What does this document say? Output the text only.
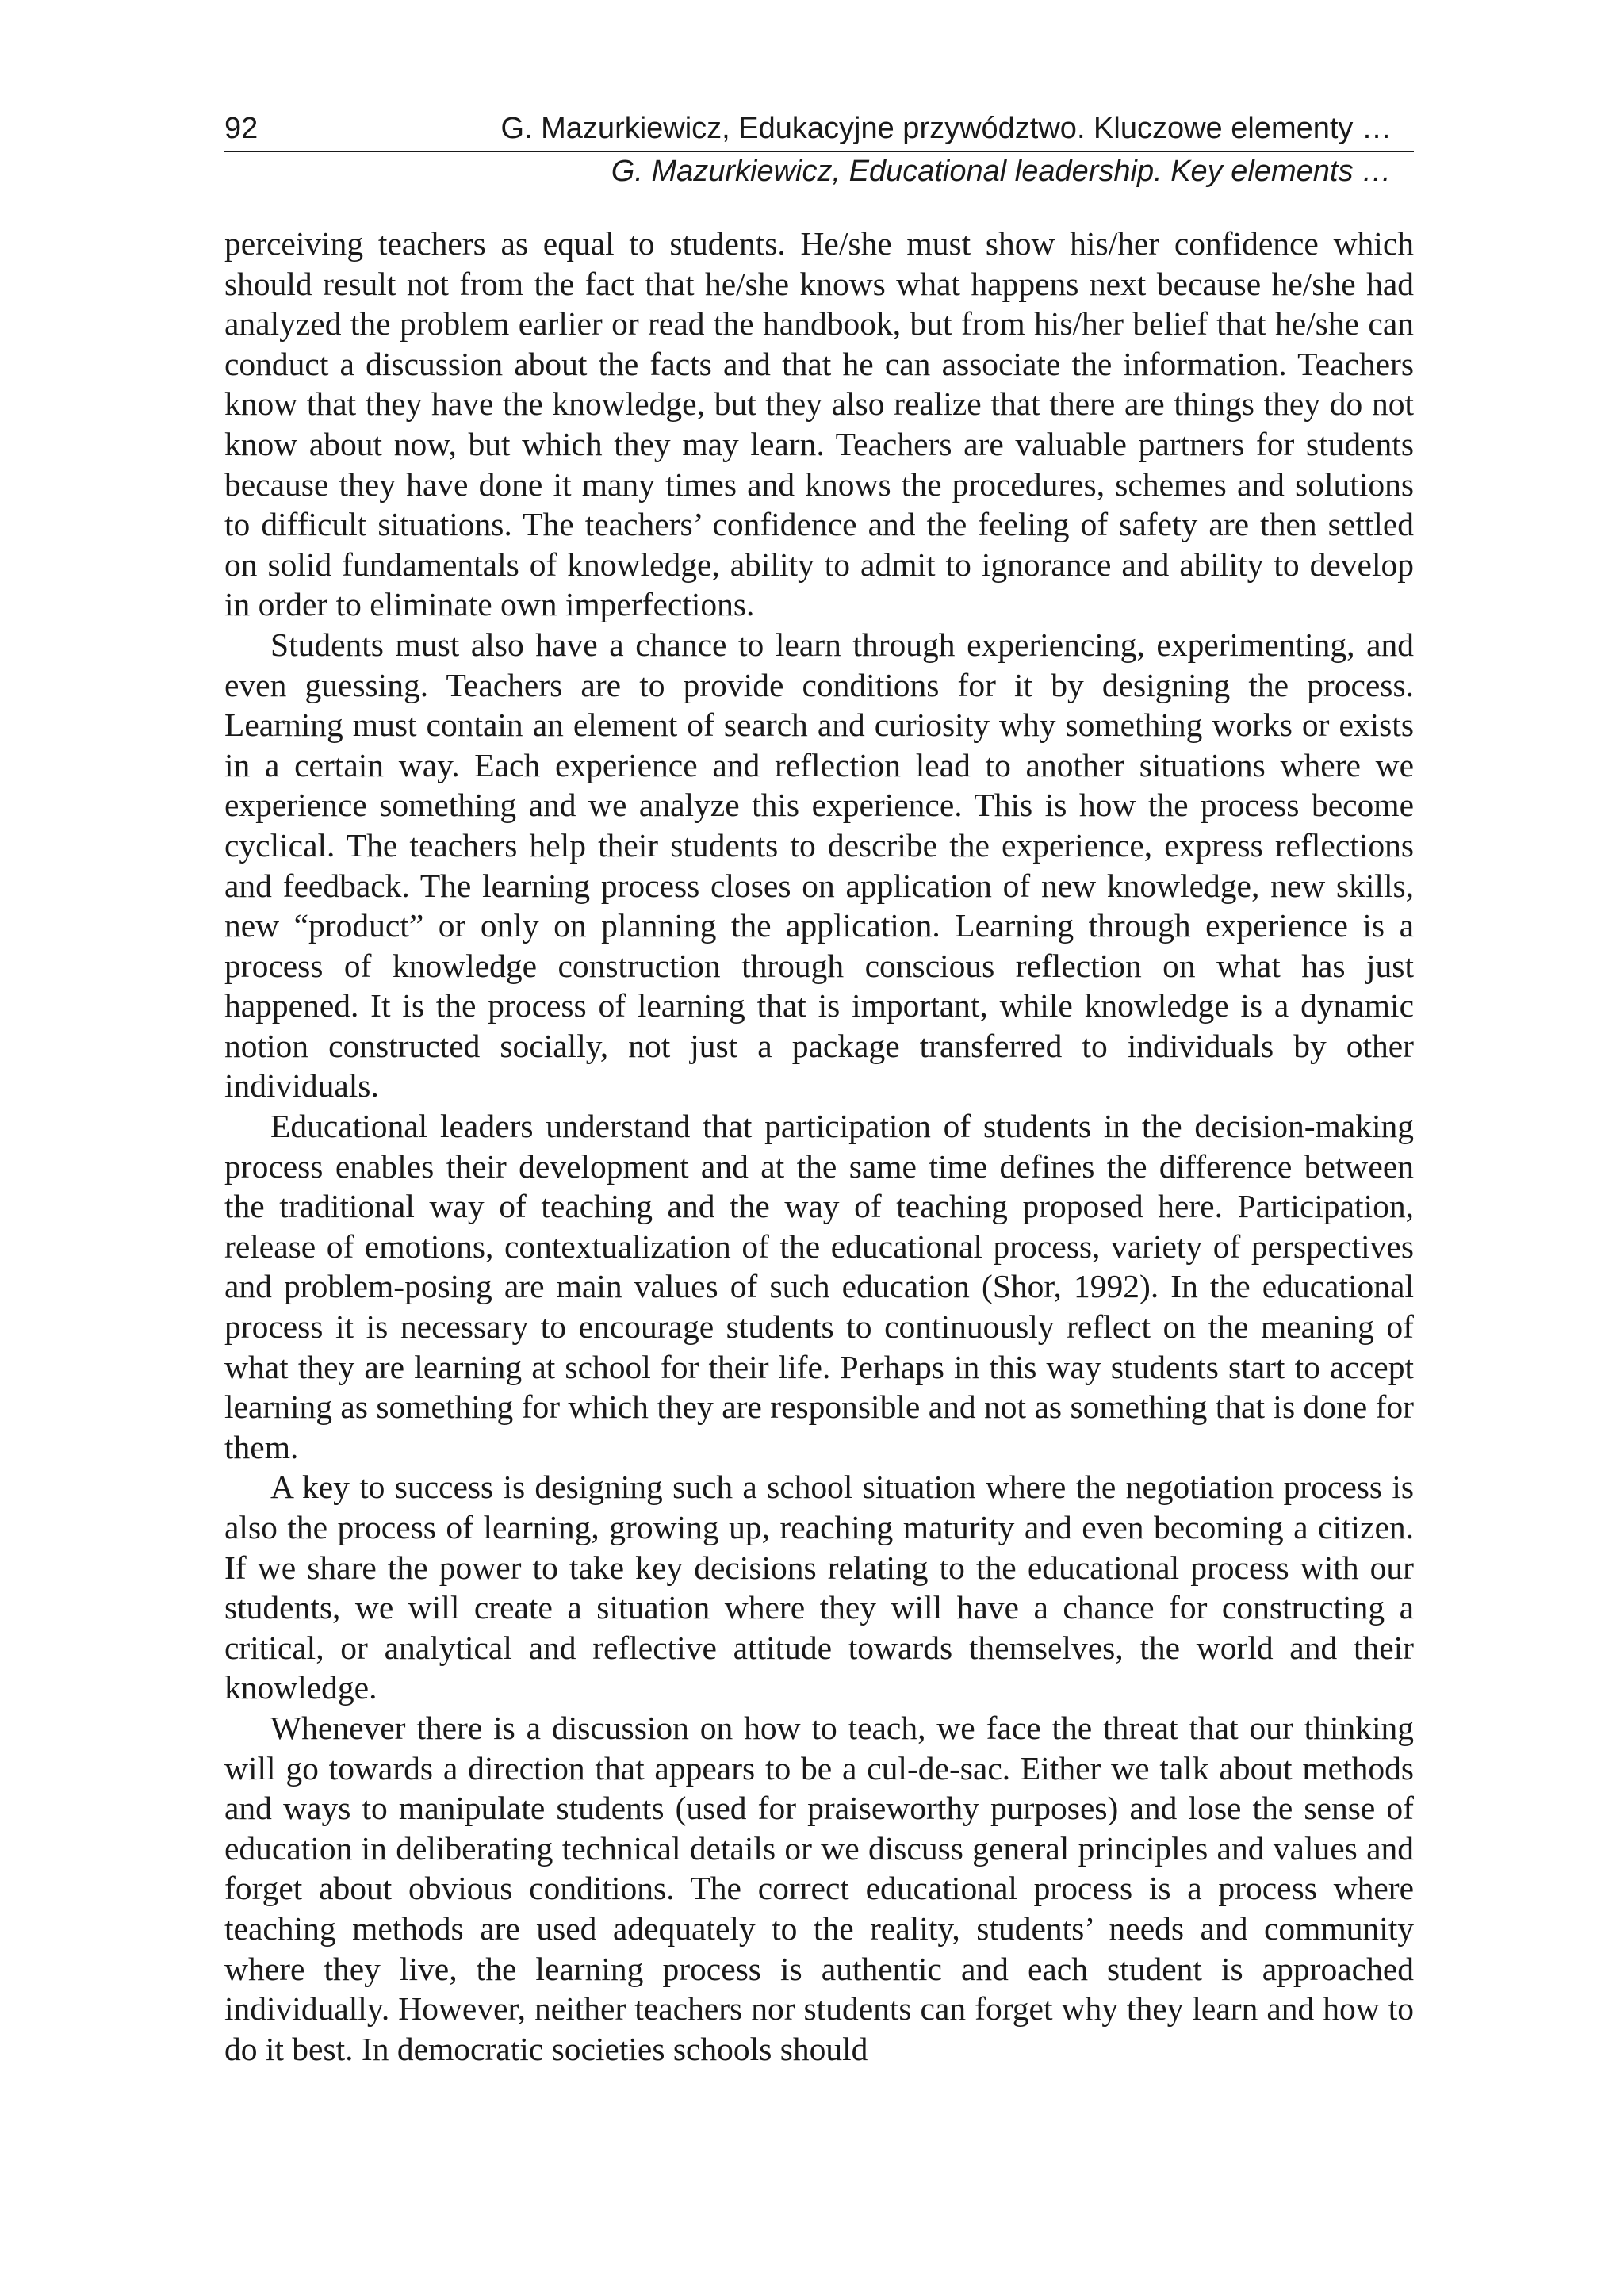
92	G. Mazurkiewicz, Edukacyjne przywództwo. Kluczowe elementy …
G. Mazurkiewicz, Educational leadership. Key elements …

perceiving teachers as equal to students. He/she must show his/her confidence which should result not from the fact that he/she knows what happens next because he/she had analyzed the problem earlier or read the handbook, but from his/her belief that he/she can conduct a discussion about the facts and that he can associate the information. Teachers know that they have the knowledge, but they also realize that there are things they do not know about now, but which they may learn. Teachers are valuable partners for students because they have done it many times and knows the procedures, schemes and solutions to difficult situations. The teachers’ confidence and the feeling of safety are then settled on solid fundamentals of knowledge, ability to admit to ignorance and ability to develop in order to eliminate own imperfections.

Students must also have a chance to learn through experiencing, experimenting, and even guessing. Teachers are to provide conditions for it by designing the process. Learning must contain an element of search and curiosity why something works or exists in a certain way. Each experience and reflection lead to another situations where we experience something and we analyze this experience. This is how the process become cyclical. The teachers help their students to describe the experience, express reflections and feedback. The learning process closes on application of new knowledge, new skills, new “product” or only on planning the application. Learning through experience is a process of knowledge construction through conscious reflection on what has just happened. It is the process of learning that is important, while knowledge is a dynamic notion constructed socially, not just a package transferred to individuals by other individuals.

Educational leaders understand that participation of students in the decision-making process enables their development and at the same time defines the difference between the traditional way of teaching and the way of teaching proposed here. Participation, release of emotions, contextualization of the educational process, variety of perspectives and problem-posing are main values of such education (Shor, 1992). In the educational process it is necessary to encourage students to continuously reflect on the meaning of what they are learning at school for their life. Perhaps in this way students start to accept learning as something for which they are responsible and not as something that is done for them.

A key to success is designing such a school situation where the negotiation process is also the process of learning, growing up, reaching maturity and even becoming a citizen. If we share the power to take key decisions relating to the educational process with our students, we will create a situation where they will have a chance for constructing a critical, or analytical and reflective attitude towards themselves, the world and their knowledge.

Whenever there is a discussion on how to teach, we face the threat that our thinking will go towards a direction that appears to be a cul-de-sac. Either we talk about methods and ways to manipulate students (used for praiseworthy purposes) and lose the sense of education in deliberating technical details or we discuss general principles and values and forget about obvious conditions. The correct educational process is a process where teaching methods are used adequately to the reality, students’ needs and community where they live, the learning process is authentic and each student is approached individually. However, neither teachers nor students can forget why they learn and how to do it best. In democratic societies schools should
